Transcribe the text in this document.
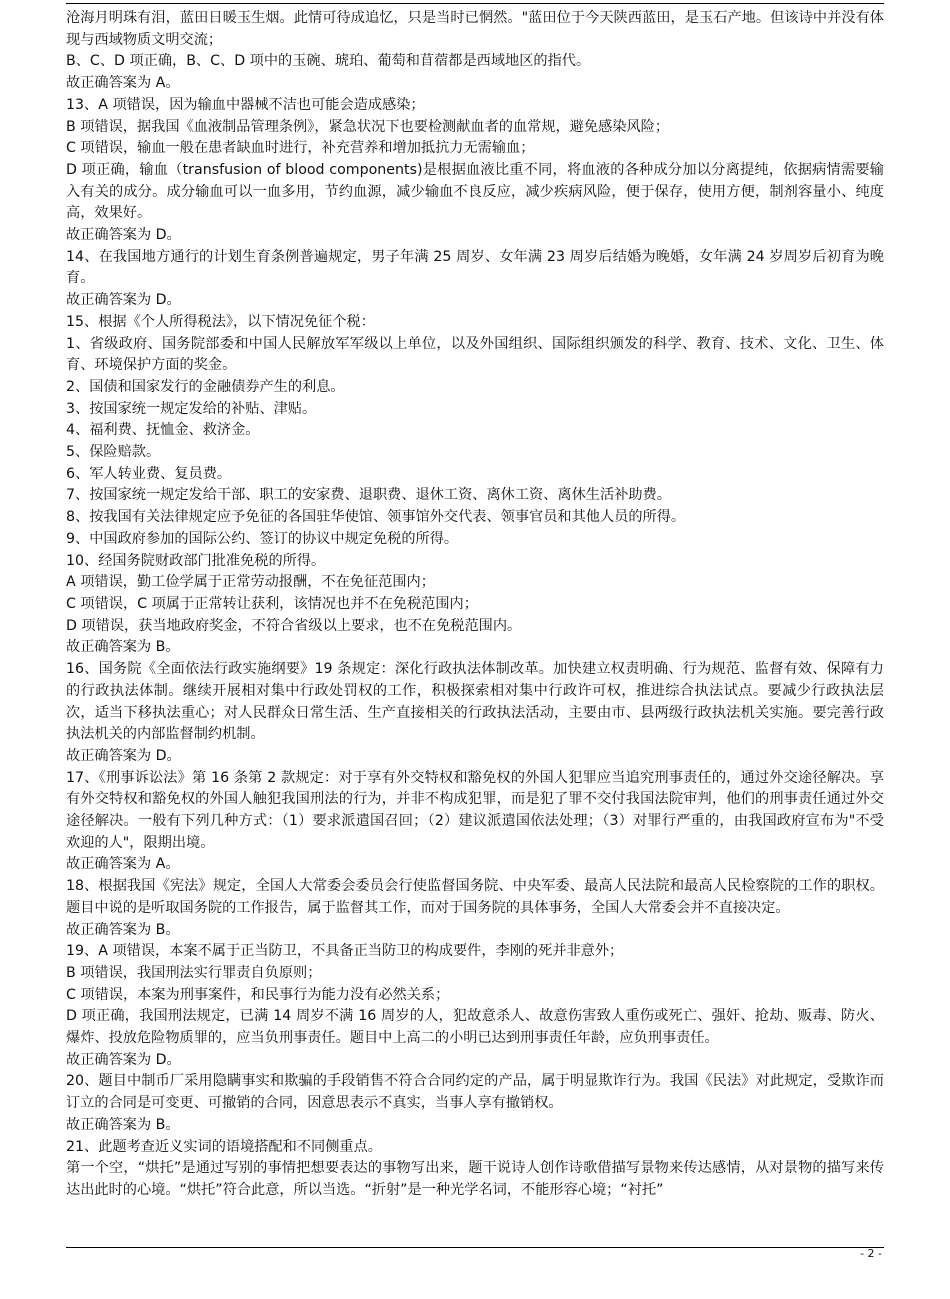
沧海月明珠有泪，蓝田日暖玉生烟。此情可待成追忆，只是当时已惘然。"蓝田位于今天陕西蓝田，是玉石产地。但该诗中并没有体现与西域物质文明交流；

B、C、D 项正确，B、C、D 项中的玉碗、琥珀、葡萄和苜蓿都是西域地区的指代。

故正确答案为 A。

13、A 项错误，因为输血中器械不洁也可能会造成感染；

B 项错误，据我国《血液制品管理条例》，紧急状况下也要检测献血者的血常规，避免感染风险；

C 项错误，输血一般在患者缺血时进行，补充营养和增加抵抗力无需输血；

D 项正确，输血（transfusion of blood components)是根据血液比重不同，将血液的各种成分加以分离提纯，依据病情需要输入有关的成分。成分输血可以一血多用，节约血源，减少输血不良反应，减少疾病风险，便于保存，使用方便，制剂容量小、纯度高，效果好。

故正确答案为 D。

14、在我国地方通行的计划生育条例普遍规定，男子年满 25 周岁、女年满 23 周岁后结婚为晚婚，女年满 24 岁周岁后初育为晚育。

故正确答案为 D。

15、根据《个人所得税法》，以下情况免征个税：

1、省级政府、国务院部委和中国人民解放军军级以上单位，以及外国组织、国际组织颁发的科学、教育、技术、文化、卫生、体育、环境保护方面的奖金。

2、国债和国家发行的金融债券产生的利息。

3、按国家统一规定发给的补贴、津贴。

4、福利费、抚恤金、救济金。

5、保险赔款。

6、军人转业费、复员费。

7、按国家统一规定发给干部、职工的安家费、退职费、退休工资、离休工资、离休生活补助费。

8、按我国有关法律规定应予免征的各国驻华使馆、领事馆外交代表、领事官员和其他人员的所得。

9、中国政府参加的国际公约、签订的协议中规定免税的所得。

10、经国务院财政部门批准免税的所得。

A 项错误，勤工俭学属于正常劳动报酬，不在免征范围内；

C 项错误，C 项属于正常转让获利，该情况也并不在免税范围内；

D 项错误，获当地政府奖金，不符合省级以上要求，也不在免税范围内。

故正确答案为 B。

16、国务院《全面依法行政实施纲要》19 条规定：深化行政执法体制改革。加快建立权责明确、行为规范、监督有效、保障有力的行政执法体制。继续开展相对集中行政处罚权的工作，积极探索相对集中行政许可权，推进综合执法试点。要减少行政执法层次，适当下移执法重心；对人民群众日常生活、生产直接相关的行政执法活动，主要由市、县两级行政执法机关实施。要完善行政执法机关的内部监督制约机制。

故正确答案为 D。

17、《刑事诉讼法》第 16 条第 2 款规定：对于享有外交特权和豁免权的外国人犯罪应当追究刑事责任的，通过外交途径解决。享有外交特权和豁免权的外国人触犯我国刑法的行为，并非不构成犯罪，而是犯了罪不交付我国法院审判，他们的刑事责任通过外交途径解决。一般有下列几种方式：（1）要求派遣国召回；（2）建议派遣国依法处理；（3）对罪行严重的，由我国政府宣布为"不受欢迎的人"，限期出境。

故正确答案为 A。

18、根据我国《宪法》规定，全国人大常委会委员会行使监督国务院、中央军委、最高人民法院和最高人民检察院的工作的职权。题目中说的是听取国务院的工作报告，属于监督其工作，而对于国务院的具体事务，全国人大常委会并不直接决定。

故正确答案为 B。

19、A 项错误，本案不属于正当防卫，不具备正当防卫的构成要件，李刚的死并非意外；

B 项错误，我国刑法实行罪责自负原则；

C 项错误，本案为刑事案件，和民事行为能力没有必然关系；

D 项正确，我国刑法规定，已满 14 周岁不满 16 周岁的人，犯故意杀人、故意伤害致人重伤或死亡、强奸、抢劫、贩毒、防火、爆炸、投放危险物质罪的，应当负刑事责任。题目中上高二的小明已达到刑事责任年龄，应负刑事责任。

故正确答案为 D。

20、题目中制币厂采用隐瞒事实和欺骗的手段销售不符合合同约定的产品，属于明显欺诈行为。我国《民法》对此规定，受欺诈而订立的合同是可变更、可撤销的合同，因意思表示不真实，当事人享有撤销权。

故正确答案为 B。

21、此题考查近义实词的语境搭配和不同侧重点。

第一个空，“烘托”是通过写别的事情把想要表达的事物写出来，题干说诗人创作诗歌借描写景物来传达感情，从对景物的描写来传达出此时的心境。“烘托”符合此意，所以当选。“折射”是一种光学名词，不能形容心境；“衬托”

- 2 -
